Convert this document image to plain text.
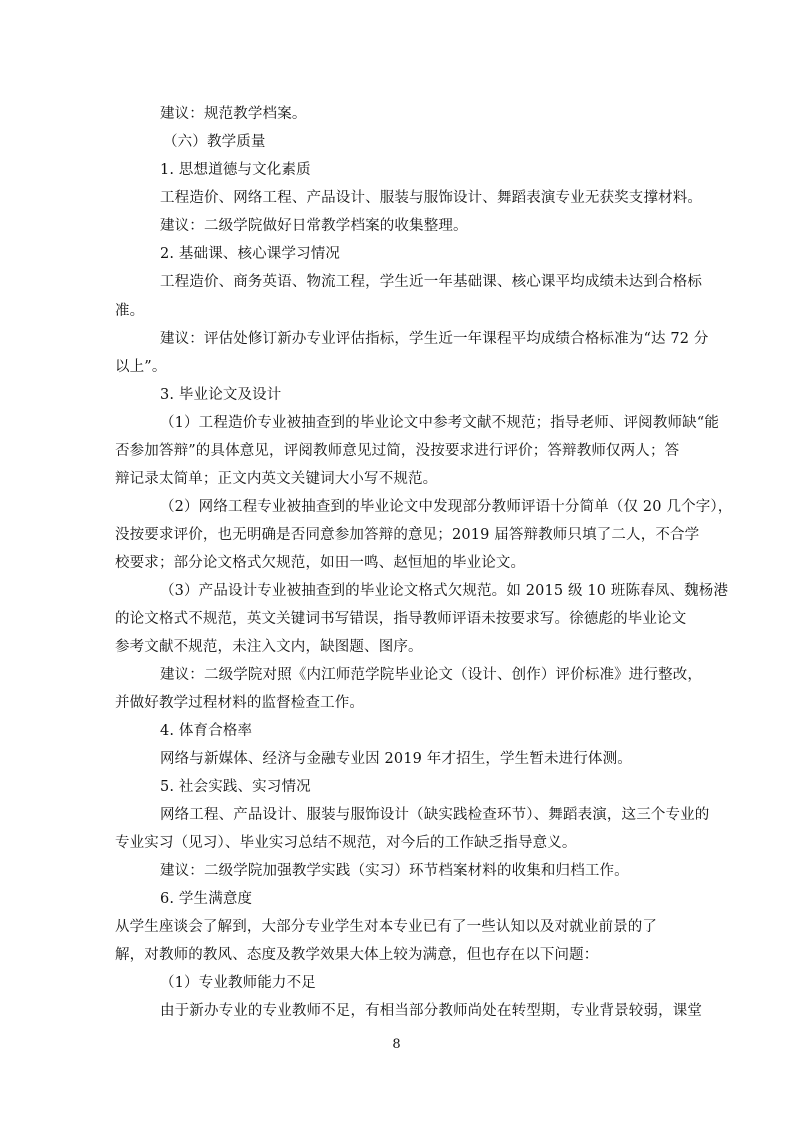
建议：规范教学档案。
（六）教学质量
1. 思想道德与文化素质
工程造价、网络工程、产品设计、服装与服饰设计、舞蹈表演专业无获奖支撑材料。
建议：二级学院做好日常教学档案的收集整理。
2. 基础课、核心课学习情况
工程造价、商务英语、物流工程，学生近一年基础课、核心课平均成绩未达到合格标
准。
建议：评估处修订新办专业评估指标，学生近一年课程平均成绩合格标准为“达 72 分
以上”。
3. 毕业论文及设计
（1）工程造价专业被抽查到的毕业论文中参考文献不规范；指导老师、评阅教师缺“能
否参加答辩”的具体意见，评阅教师意见过简，没按要求进行评价；答辩教师仅两人；答
辩记录太简单；正文内英文关键词大小写不规范。
（2）网络工程专业被抽查到的毕业论文中发现部分教师评语十分简单（仅 20 几个字），
没按要求评价，也无明确是否同意参加答辩的意见；2019 届答辩教师只填了二人，不合学
校要求；部分论文格式欠规范，如田一鸣、赵恒旭的毕业论文。
（3）产品设计专业被抽查到的毕业论文格式欠规范。如 2015 级 10 班陈春凤、魏杨港
的论文格式不规范，英文关键词书写错误，指导教师评语未按要求写。徐德彪的毕业论文
参考文献不规范，未注入文内，缺图题、图序。
建议：二级学院对照《内江师范学院毕业论文（设计、创作）评价标准》进行整改，
并做好教学过程材料的监督检查工作。
4. 体育合格率
网络与新媒体、经济与金融专业因 2019 年才招生，学生暂未进行体测。
5. 社会实践、实习情况
网络工程、产品设计、服装与服饰设计（缺实践检查环节）、舞蹈表演，这三个专业的
专业实习（见习）、毕业实习总结不规范，对今后的工作缺乏指导意义。
建议：二级学院加强教学实践（实习）环节档案材料的收集和归档工作。
6. 学生满意度
从学生座谈会了解到，大部分专业学生对本专业已有了一些认知以及对就业前景的了
解，对教师的教风、态度及教学效果大体上较为满意，但也存在以下问题：
（1）专业教师能力不足
由于新办专业的专业教师不足，有相当部分教师尚处在转型期，专业背景较弱，课堂
8
